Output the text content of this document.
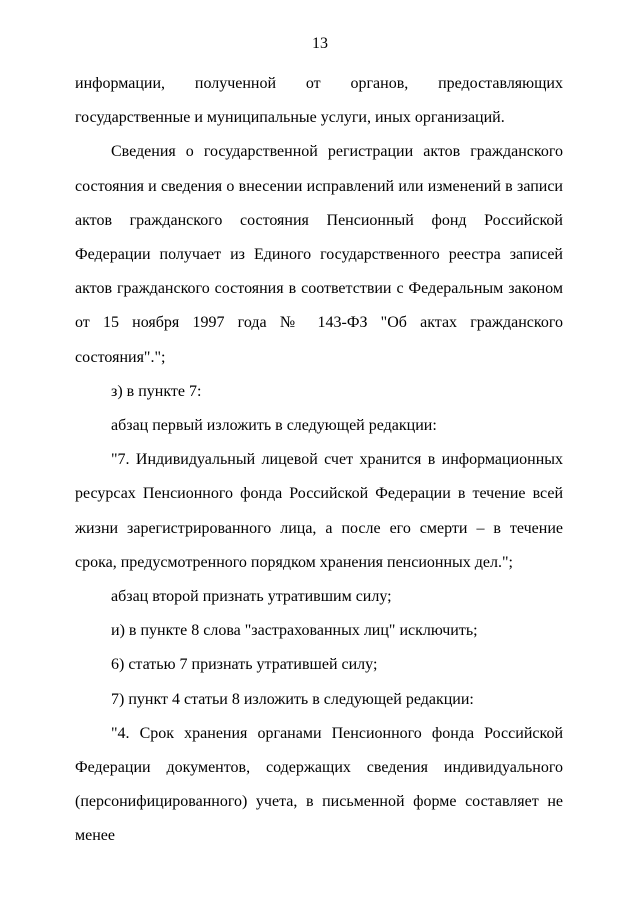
13

информации, полученной от органов, предоставляющих государственные и муниципальные услуги, иных организаций.

Сведения о государственной регистрации актов гражданского состояния и сведения о внесении исправлений или изменений в записи актов гражданского состояния Пенсионный фонд Российской Федерации получает из Единого государственного реестра записей актов гражданского состояния в соответствии с Федеральным законом от 15 ноября 1997 года № 143-ФЗ "Об актах гражданского состояния".";

з) в пункте 7:

абзац первый изложить в следующей редакции:

"7. Индивидуальный лицевой счет хранится в информационных ресурсах Пенсионного фонда Российской Федерации в течение всей жизни зарегистрированного лица, а после его смерти – в течение срока, предусмотренного порядком хранения пенсионных дел.";

абзац второй признать утратившим силу;

и) в пункте 8 слова "застрахованных лиц" исключить;

6) статью 7 признать утратившей силу;

7) пункт 4 статьи 8 изложить в следующей редакции:

"4. Срок хранения органами Пенсионного фонда Российской Федерации документов, содержащих сведения индивидуального (персонифицированного) учета, в письменной форме составляет не менее
